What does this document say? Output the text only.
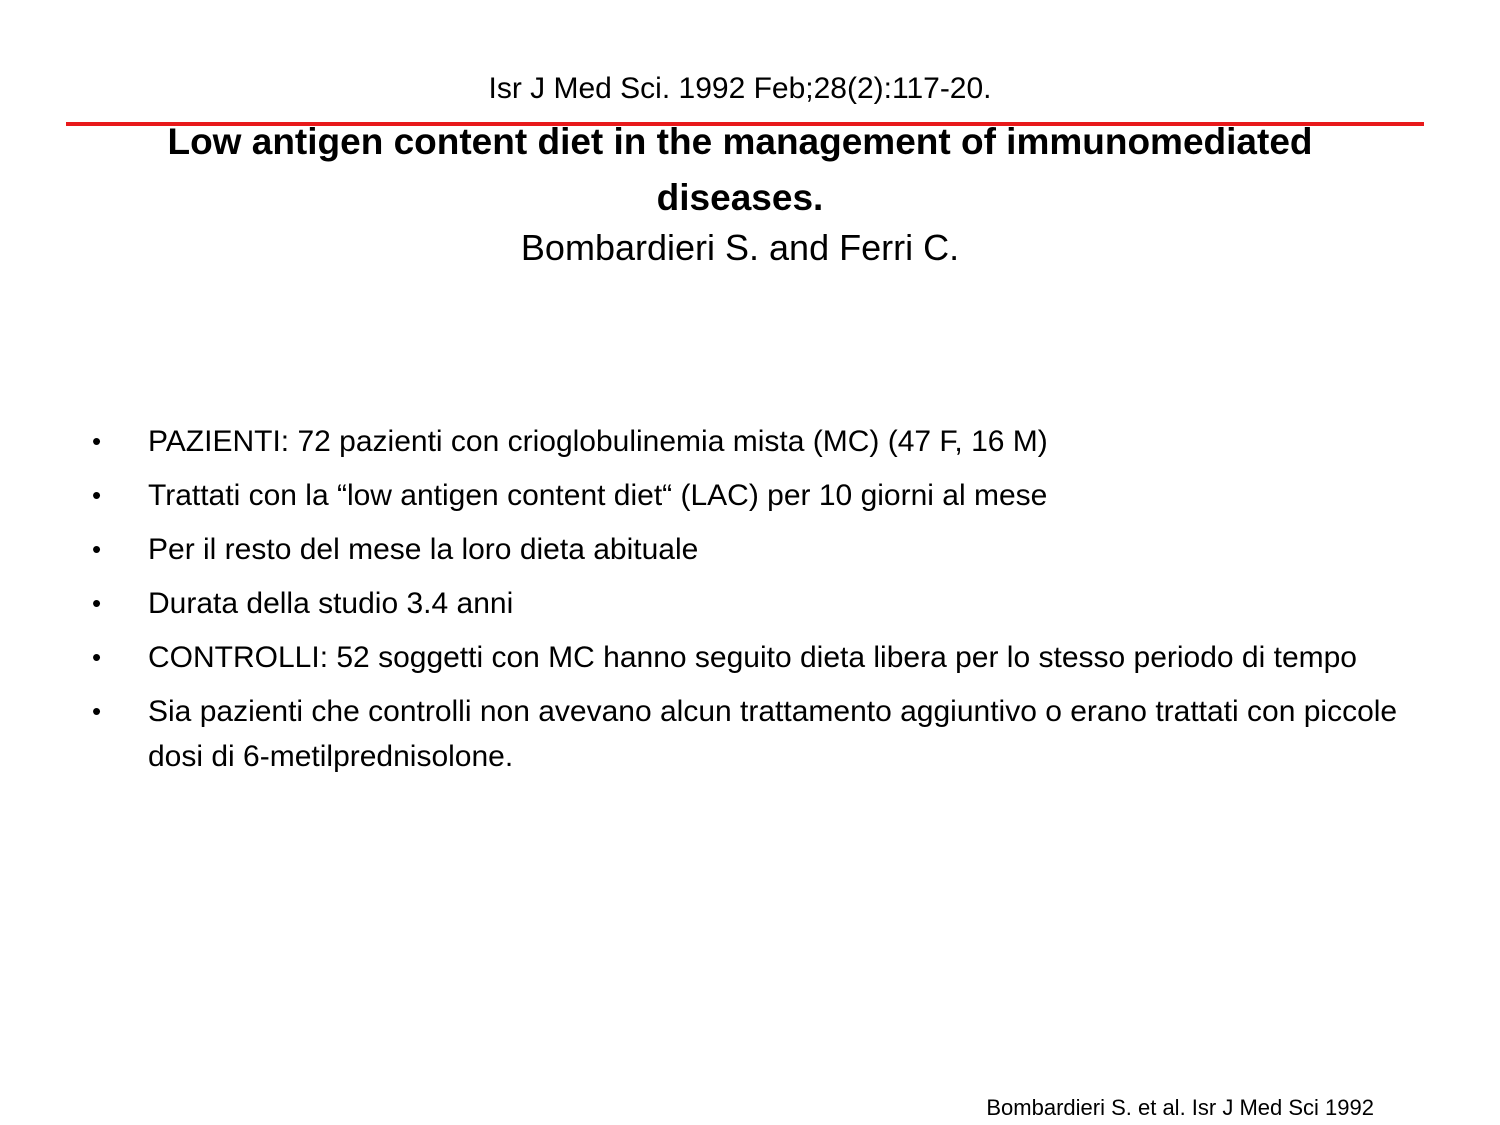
Isr J Med Sci. 1992 Feb;28(2):117-20.
Low antigen content diet in the management of immunomediated diseases.
Bombardieri S. and Ferri C.
•	PAZIENTI: 72 pazienti con crioglobulinemia mista (MC) (47 F, 16 M)
•	Trattati con la “low antigen content diet“ (LAC) per 10 giorni al mese
•	Per il resto del mese la loro dieta abituale
•	Durata della studio 3.4 anni
•	CONTROLLI: 52 soggetti con MC hanno seguito dieta libera per lo stesso periodo di tempo
•	Sia pazienti che controlli non avevano alcun trattamento aggiuntivo o erano trattati con piccole dosi di 6-metilprednisolone.
Bombardieri S. et al. Isr J Med Sci 1992
